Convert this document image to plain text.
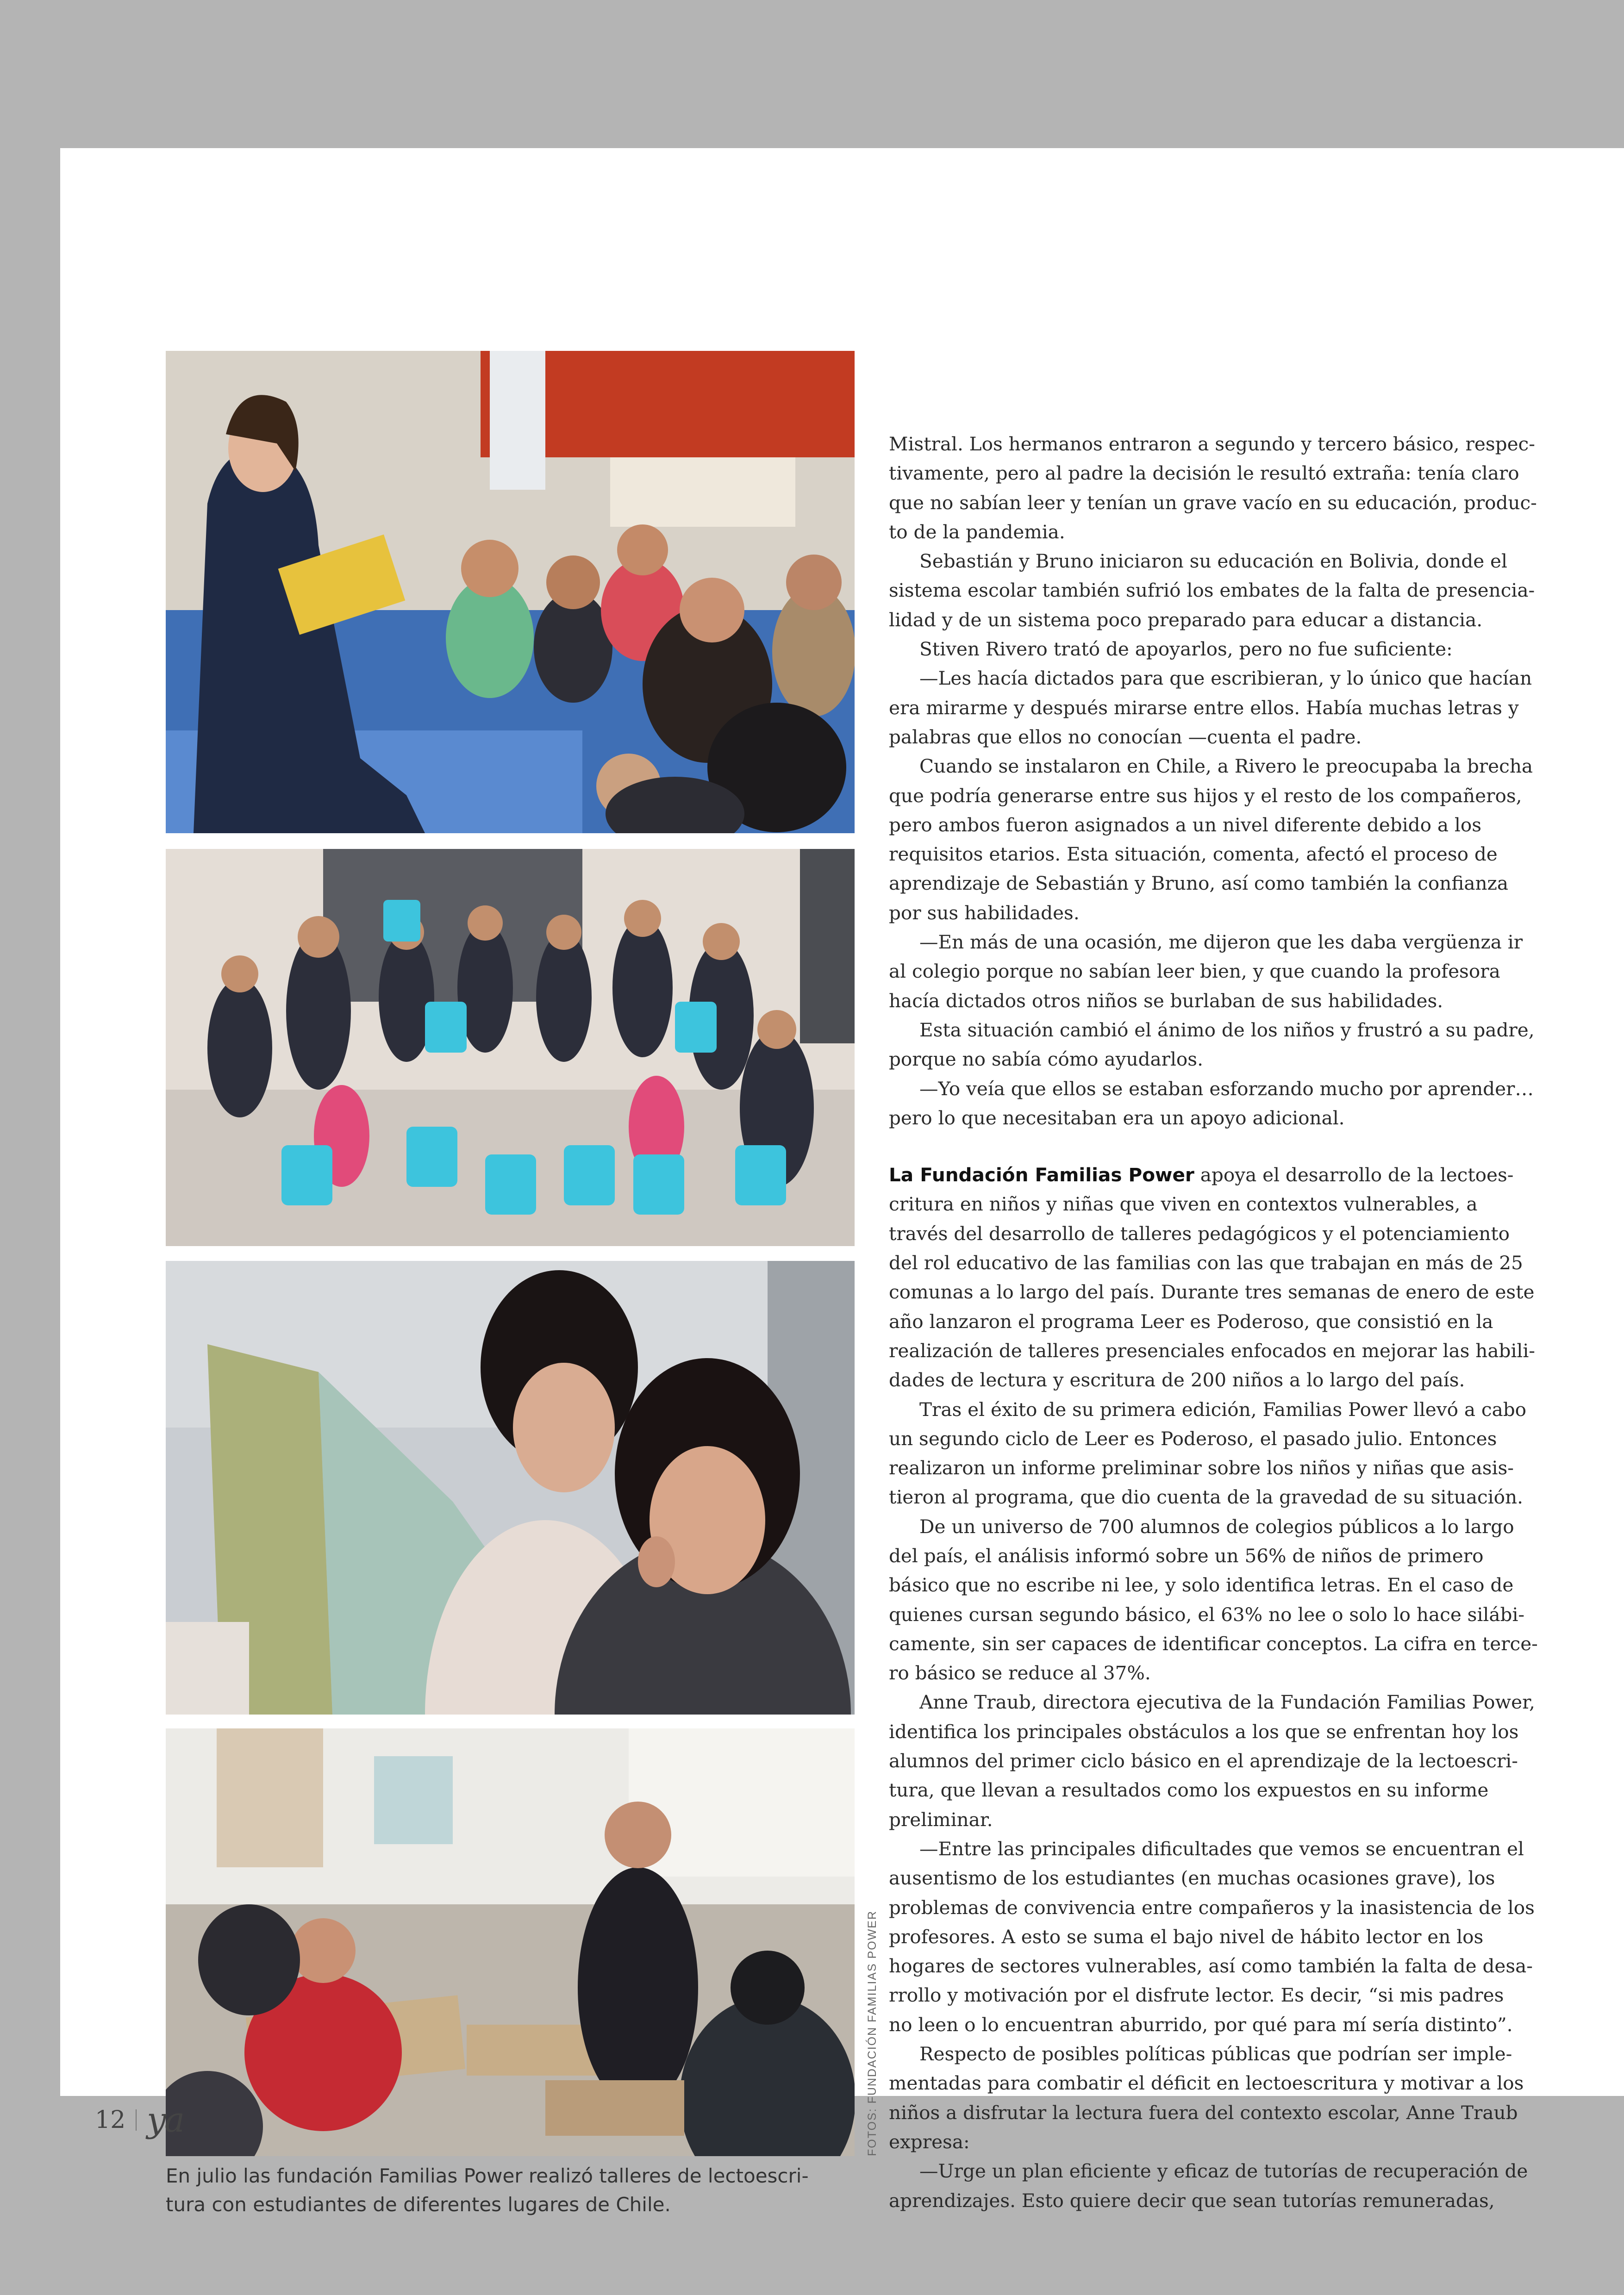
FOTOS: FUNDACIÓN FAMILIAS POWER
En julio las fundación Familias Power realizó talleres de lectoescri-
tura con estudiantes de diferentes lugares de Chile.
Mistral. Los hermanos entraron a segundo y tercero básico, respec-
tivamente, pero al padre la decisión le resultó extraña: tenía claro
que no sabían leer y tenían un grave vacío en su educación, produc-
to de la pandemia.
Sebastián y Bruno iniciaron su educación en Bolivia, donde el
sistema escolar también sufrió los embates de la falta de presencia-
lidad y de un sistema poco preparado para educar a distancia.
Stiven Rivero trató de apoyarlos, pero no fue suficiente:
—Les hacía dictados para que escribieran, y lo único que hacían
era mirarme y después mirarse entre ellos. Había muchas letras y
palabras que ellos no conocían —cuenta el padre.
Cuando se instalaron en Chile, a Rivero le preocupaba la brecha
que podría generarse entre sus hijos y el resto de los compañeros,
pero ambos fueron asignados a un nivel diferente debido a los
requisitos etarios. Esta situación, comenta, afectó el proceso de
aprendizaje de Sebastián y Bruno, así como también la confianza
por sus habilidades.
—En más de una ocasión, me dijeron que les daba vergüenza ir
al colegio porque no sabían leer bien, y que cuando la profesora
hacía dictados otros niños se burlaban de sus habilidades.
Esta situación cambió el ánimo de los niños y frustró a su padre,
porque no sabía cómo ayudarlos.
—Yo veía que ellos se estaban esforzando mucho por aprender…
pero lo que necesitaban era un apoyo adicional.
La Fundación Familias Power apoya el desarrollo de la lectoes-
critura en niños y niñas que viven en contextos vulnerables, a
través del desarrollo de talleres pedagógicos y el potenciamiento
del rol educativo de las familias con las que trabajan en más de 25
comunas a lo largo del país. Durante tres semanas de enero de este
año lanzaron el programa Leer es Poderoso, que consistió en la
realización de talleres presenciales enfocados en mejorar las habili-
dades de lectura y escritura de 200 niños a lo largo del país.
Tras el éxito de su primera edición, Familias Power llevó a cabo
un segundo ciclo de Leer es Poderoso, el pasado julio. Entonces
realizaron un informe preliminar sobre los niños y niñas que asis-
tieron al programa, que dio cuenta de la gravedad de su situación.
De un universo de 700 alumnos de colegios públicos a lo largo
del país, el análisis informó sobre un 56% de niños de primero
básico que no escribe ni lee, y solo identifica letras. En el caso de
quienes cursan segundo básico, el 63% no lee o solo lo hace silábi-
camente, sin ser capaces de identificar conceptos. La cifra en terce-
ro básico se reduce al 37%.
Anne Traub, directora ejecutiva de la Fundación Familias Power,
identifica los principales obstáculos a los que se enfrentan hoy los
alumnos del primer ciclo básico en el aprendizaje de la lectoescri-
tura, que llevan a resultados como los expuestos en su informe
preliminar.
—Entre las principales dificultades que vemos se encuentran el
ausentismo de los estudiantes (en muchas ocasiones grave), los
problemas de convivencia entre compañeros y la inasistencia de los
profesores. A esto se suma el bajo nivel de hábito lector en los
hogares de sectores vulnerables, así como también la falta de desa-
rrollo y motivación por el disfrute lector. Es decir, “si mis padres
no leen o lo encuentran aburrido, por qué para mí sería distinto”.
Respecto de posibles políticas públicas que podrían ser imple-
mentadas para combatir el déficit en lectoescritura y motivar a los
niños a disfrutar la lectura fuera del contexto escolar, Anne Traub
expresa:
—Urge un plan eficiente y eficaz de tutorías de recuperación de
aprendizajes. Esto quiere decir que sean tutorías remuneradas,
12 ya
